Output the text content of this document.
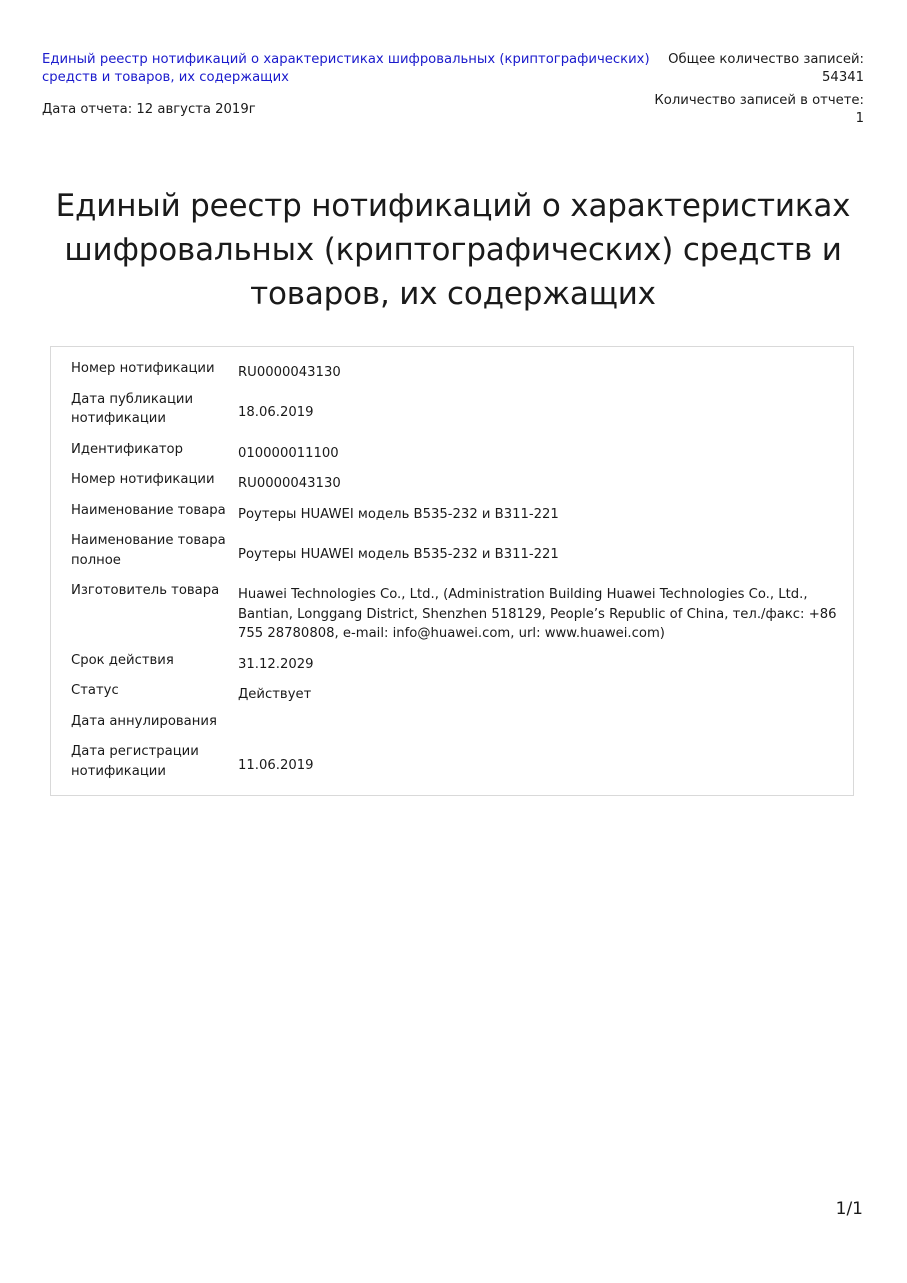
Единый реестр нотификаций о характеристиках шифровальных (криптографических) средств и товаров, их содержащих
Дата отчета: 12 августа 2019г
Общее количество записей: 54341
Количество записей в отчете: 1
Единый реестр нотификаций о характеристиках шифровальных (криптографических) средств и товаров, их содержащих
Номер нотификации	RU0000043130
Дата публикации нотификации	18.06.2019
Идентификатор	010000011100
Номер нотификации	RU0000043130
Наименование товара	Роутеры HUAWEI модель B535-232 и B311-221
Наименование товара полное	Роутеры HUAWEI модель B535-232 и B311-221
Изготовитель товара	Huawei Technologies Co., Ltd., (Administration Building Huawei Technologies Co., Ltd., Bantian, Longgang District, Shenzhen 518129, People’s Republic of China, тел./факс: +86 755 28780808, e-mail: info@huawei.com, url: www.huawei.com)
Срок действия	31.12.2029
Статус	Действует
Дата аннулирования	
Дата регистрации нотификации	11.06.2019
1/1
